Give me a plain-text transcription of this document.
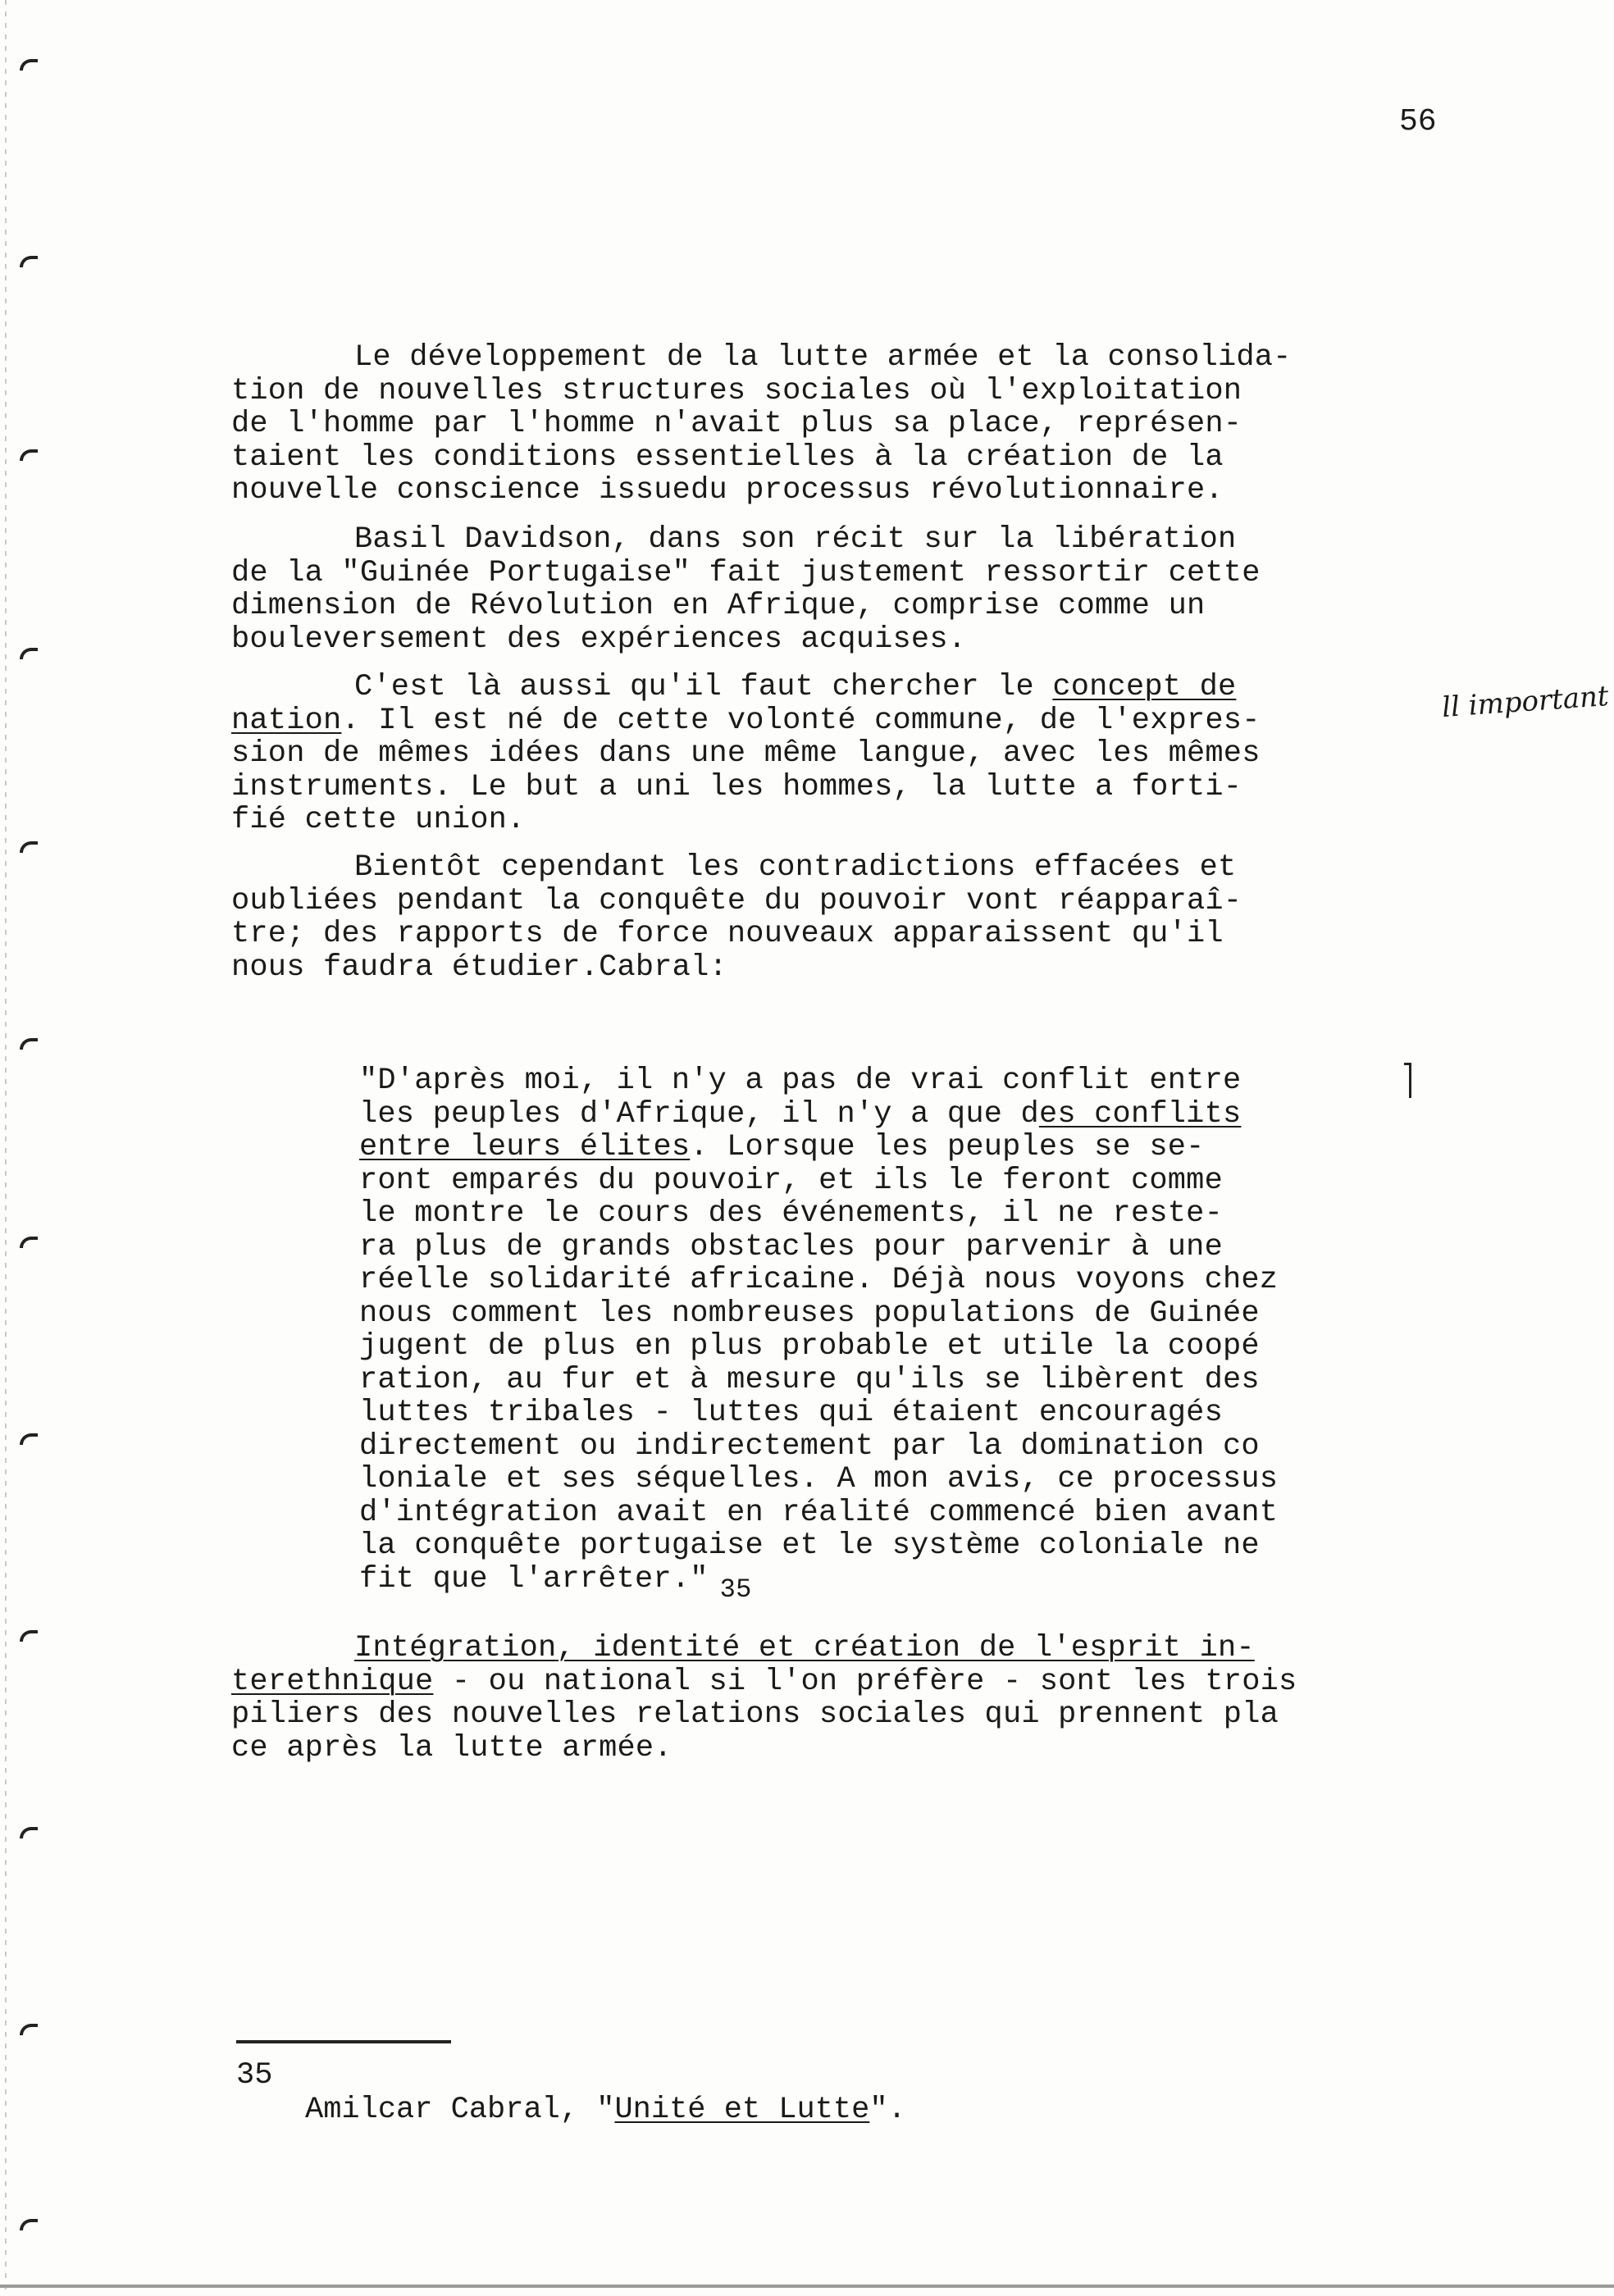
56
Le développement de la lutte armée et la consolida-
tion de nouvelles structures sociales où l'exploitation
de l'homme par l'homme n'avait plus sa place, représen-
taient les conditions essentielles à la création de la
nouvelle conscience issuedu processus révolutionnaire.
Basil Davidson, dans son récit sur la libération
de la "Guinée Portugaise" fait justement ressortir cette
dimension de Révolution en Afrique, comprise comme un
bouleversement des expériences acquises.
C'est là aussi qu'il faut chercher le concept de
nation. Il est né de cette volonté commune, de l'expres-
sion de mêmes idées dans une même langue, avec les mêmes
instruments. Le but a uni les hommes, la lutte a forti-
fié cette union.
ll important
Bientôt cependant les contradictions effacées et
oubliées pendant la conquête du pouvoir vont réapparaî-
tre; des rapports de force nouveaux apparaissent qu'il
nous faudra étudier.Cabral:
"D'après moi, il n'y a pas de vrai conflit entre
les peuples d'Afrique, il n'y a que des conflits
entre leurs élites. Lorsque les peuples se se-
ront emparés du pouvoir, et ils le feront comme
le montre le cours des événements, il ne reste-
ra plus de grands obstacles pour parvenir à une
réelle solidarité africaine. Déjà nous voyons chez
nous comment les nombreuses populations de Guinée
jugent de plus en plus probable et utile la coopé
ration, au fur et à mesure qu'ils se libèrent des
luttes tribales - luttes qui étaient encouragés
directement ou indirectement par la domination co
loniale et ses séquelles. A mon avis, ce processus
d'intégration avait en réalité commencé bien avant
la conquête portugaise et le système coloniale ne
fit que l'arrêter." 35
Intégration, identité et création de l'esprit in-
terethnique - ou national si l'on préfère - sont les trois
piliers des nouvelles relations sociales qui prennent pla
ce après la lutte armée.
35
Amilcar Cabral, "Unité et Lutte".
